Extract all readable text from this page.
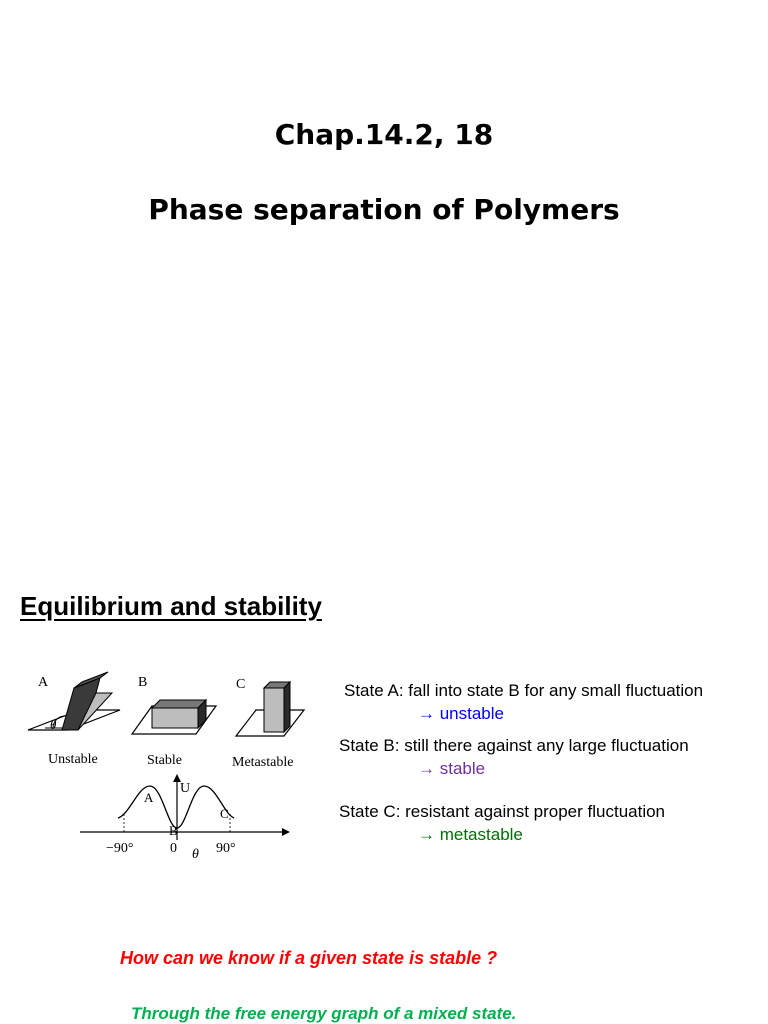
Chap.14.2, 18
Phase separation of Polymers
Equilibrium and stability
A
θ
B	C
Unstable	Stable	Metastable
U
A
B
C
−90°	0	90°
θ
State A: fall into state B for any small fluctuation
→ unstable
State B: still there against any large fluctuation
→ stable
State C: resistant against proper fluctuation
→ metastable
How can we know if a given state is stable ?
Through the free energy graph of a mixed state.
